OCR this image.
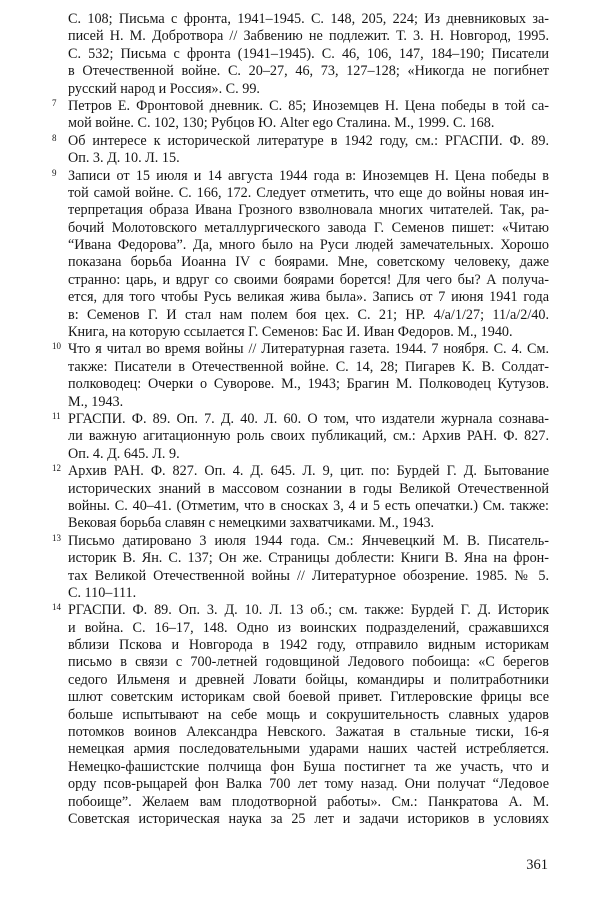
С. 108; Письма с фронта, 1941–1945. С. 148, 205, 224; Из дневниковых за-
писей Н. М. Добротвора // Забвению не подлежит. Т. 3. Н. Новгород, 1995.
С. 532; Письма с фронта (1941–1945). С. 46, 106, 147, 184–190; Писатели
в Отечественной войне. С. 20–27, 46, 73, 127–128; «Никогда не погибнет
русский народ и Россия». С. 99.
7 Петров Е. Фронтовой дневник. С. 85; Иноземцев Н. Цена победы в той са-
мой войне. С. 102, 130; Рубцов Ю. Alter ego Сталина. М., 1999. С. 168.
8 Об интересе к исторической литературе в 1942 году, см.: РГАСПИ. Ф. 89.
Оп. 3. Д. 10. Л. 15.
9 Записи от 15 июля и 14 августа 1944 года в: Иноземцев Н. Цена победы в
той самой войне. С. 166, 172. Следует отметить, что еще до войны новая ин-
терпретация образа Ивана Грозного взволновала многих читателей. Так, ра-
бочий Молотовского металлургического завода Г. Семенов пишет: «Читаю
“Ивана Федорова”. Да, много было на Руси людей замечательных. Хорошо
показана борьба Иоанна IV с боярами. Мне, советскому человеку, даже
странно: царь, и вдруг со своими боярами борется! Для чего бы? А получа-
ется, для того чтобы Русь великая жива была». Запись от 7 июня 1941 года
в: Семенов Г. И стал нам полем боя цех. С. 21; НР. 4/а/1/27; 11/а/2/40.
Книга, на которую ссылается Г. Семенов: Бас И. Иван Федоров. М., 1940.
10 Что я читал во время войны // Литературная газета. 1944. 7 ноября. С. 4. См.
также: Писатели в Отечественной войне. С. 14, 28; Пигарев К. В. Солдат-
полководец: Очерки о Суворове. М., 1943; Брагин М. Полководец Кутузов.
М., 1943.
11 РГАСПИ. Ф. 89. Оп. 7. Д. 40. Л. 60. О том, что издатели журнала сознава-
ли важную агитационную роль своих публикаций, см.: Архив РАН. Ф. 827.
Оп. 4. Д. 645. Л. 9.
12 Архив РАН. Ф. 827. Оп. 4. Д. 645. Л. 9, цит. по: Бурдей Г. Д. Бытование
исторических знаний в массовом сознании в годы Великой Отечественной
войны. С. 40–41. (Отметим, что в сносках 3, 4 и 5 есть опечатки.) См. также:
Вековая борьба славян с немецкими захватчиками. М., 1943.
13 Письмо датировано 3 июля 1944 года. См.: Янчевецкий М. В. Писатель-
историк В. Ян. С. 137; Он же. Страницы доблести: Книги В. Яна на фрон-
тах Великой Отечественной войны // Литературное обозрение. 1985. № 5.
С. 110–111.
14 РГАСПИ. Ф. 89. Оп. 3. Д. 10. Л. 13 об.; см. также: Бурдей Г. Д. Историк
и война. С. 16–17, 148. Одно из воинских подразделений, сражавшихся
вблизи Пскова и Новгорода в 1942 году, отправило видным историкам
письмо в связи с 700-летней годовщиной Ледового побоища: «С берегов
седого Ильменя и древней Ловати бойцы, командиры и политработники
шлют советским историкам свой боевой привет. Гитлеровские фрицы все
больше испытывают на себе мощь и сокрушительность славных ударов
потомков воинов Александра Невского. Зажатая в стальные тиски, 16-я
немецкая армия последовательными ударами наших частей истребляется.
Немецко-фашистские полчища фон Буша постигнет та же участь, что и
орду псов-рыцарей фон Валка 700 лет тому назад. Они получат “Ледовое
побоище”. Желаем вам плодотворной работы». См.: Панкратова А. М.
Советская историческая наука за 25 лет и задачи историков в условиях
361
